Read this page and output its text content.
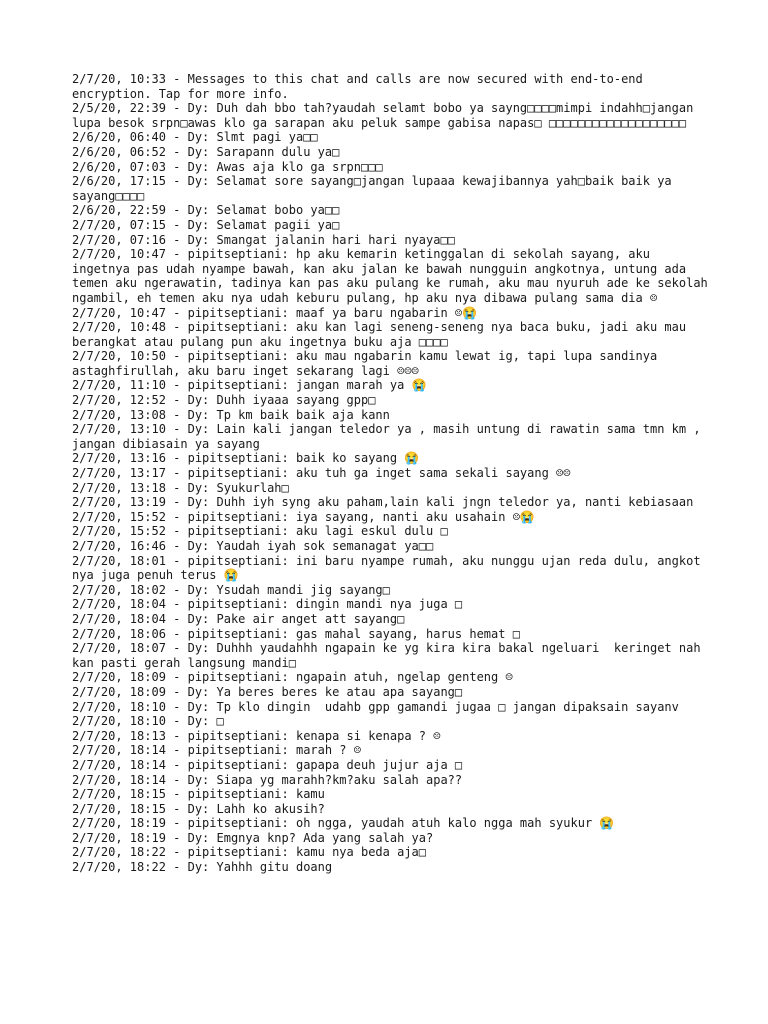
2/7/20, 10:33 - Messages to this chat and calls are now secured with end-to-end encryption. Tap for more info.
2/5/20, 22:39 - Dy: Duh dah bbo tah?yaudah selamt bobo ya sayng□□□□mimpi indahh□jangan lupa besok srpn□awas klo ga sarapan aku peluk sampe gabisa napas□ □□□□□□□□□□□□□□□□□□□
2/6/20, 06:40 - Dy: Slmt pagi ya□□
2/6/20, 06:52 - Dy: Sarapann dulu ya□
2/6/20, 07:03 - Dy: Awas aja klo ga srpn□□□
2/6/20, 17:15 - Dy: Selamat sore sayang□jangan lupaaa kewajibannya yah□baik baik ya sayang□□□□
2/6/20, 22:59 - Dy: Selamat bobo ya□□
2/7/20, 07:15 - Dy: Selamat pagii ya□
2/7/20, 07:16 - Dy: Smangat jalanin hari hari nyaya□□
2/7/20, 10:47 - pipitseptiani: hp aku kemarin ketinggalan di sekolah sayang, aku ingetnya pas udah nyampe bawah, kan aku jalan ke bawah nungguin angkotnya, untung ada temen aku ngerawatin, tadinya kan pas aku pulang ke rumah, aku mau nyuruh ade ke sekolah ngambil, eh temen aku nya udah keburu pulang, hp aku nya dibawa pulang sama dia ☹
2/7/20, 10:47 - pipitseptiani: maaf ya baru ngabarin ☹😭
2/7/20, 10:48 - pipitseptiani: aku kan lagi seneng-seneng nya baca buku, jadi aku mau berangkat atau pulang pun aku ingetnya buku aja □□□□
2/7/20, 10:50 - pipitseptiani: aku mau ngabarin kamu lewat ig, tapi lupa sandinya astaghfirullah, aku baru inget sekarang lagi ☹☹☹
2/7/20, 11:10 - pipitseptiani: jangan marah ya 😭
2/7/20, 12:52 - Dy: Duhh iyaaa sayang gpp□
2/7/20, 13:08 - Dy: Tp km baik baik aja kann
2/7/20, 13:10 - Dy: Lain kali jangan teledor ya , masih untung di rawatin sama tmn km , jangan dibiasain ya sayang
2/7/20, 13:16 - pipitseptiani: baik ko sayang 😭
2/7/20, 13:17 - pipitseptiani: aku tuh ga inget sama sekali sayang ☹☹
2/7/20, 13:18 - Dy: Syukurlah□
2/7/20, 13:19 - Dy: Duhh iyh syng aku paham,lain kali jngn teledor ya, nanti kebiasaan
2/7/20, 15:52 - pipitseptiani: iya sayang, nanti aku usahain ☹😭
2/7/20, 15:52 - pipitseptiani: aku lagi eskul dulu □
2/7/20, 16:46 - Dy: Yaudah iyah sok semanagat ya□□
2/7/20, 18:01 - pipitseptiani: ini baru nyampe rumah, aku nunggu ujan reda dulu, angkot nya juga penuh terus 😭
2/7/20, 18:02 - Dy: Ysudah mandi jig sayang□
2/7/20, 18:04 - pipitseptiani: dingin mandi nya juga □
2/7/20, 18:04 - Dy: Pake air anget att sayang□
2/7/20, 18:06 - pipitseptiani: gas mahal sayang, harus hemat □
2/7/20, 18:07 - Dy: Duhhh yaudahhh ngapain ke yg kira kira bakal ngeluari  keringet nah kan pasti gerah langsung mandi□
2/7/20, 18:09 - pipitseptiani: ngapain atuh, ngelap genteng ☹
2/7/20, 18:09 - Dy: Ya beres beres ke atau apa sayang□
2/7/20, 18:10 - Dy: Tp klo dingin  udahb gpp gamandi jugaa □ jangan dipaksain sayanv
2/7/20, 18:10 - Dy: □
2/7/20, 18:13 - pipitseptiani: kenapa si kenapa ? ☹
2/7/20, 18:14 - pipitseptiani: marah ? ☹
2/7/20, 18:14 - pipitseptiani: gapapa deuh jujur aja □
2/7/20, 18:14 - Dy: Siapa yg marahh?km?aku salah apa??
2/7/20, 18:15 - pipitseptiani: kamu
2/7/20, 18:15 - Dy: Lahh ko akusih?
2/7/20, 18:19 - pipitseptiani: oh ngga, yaudah atuh kalo ngga mah syukur 😭
2/7/20, 18:19 - Dy: Emgnya knp? Ada yang salah ya?
2/7/20, 18:22 - pipitseptiani: kamu nya beda aja□
2/7/20, 18:22 - Dy: Yahhh gitu doang
